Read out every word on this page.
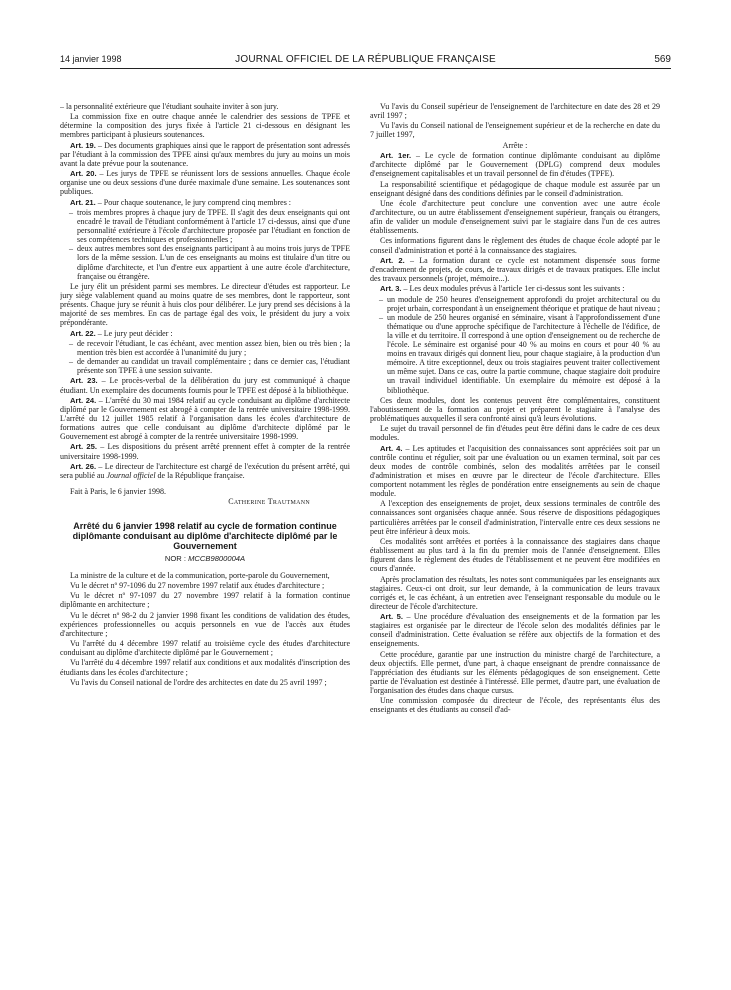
14 janvier 1998	JOURNAL OFFICIEL DE LA RÉPUBLIQUE FRANÇAISE	569

– la personnalité extérieure que l'étudiant souhaite inviter à son jury.

La commission fixe en outre chaque année le calendrier des sessions de TPFE et détermine la composition des jurys fixée à l'article 21 ci-dessous en désignant les membres participant à plusieurs soutenances.

Art. 19. – Des documents graphiques ainsi que le rapport de présentation sont adressés par l'étudiant à la commission des TPFE ainsi qu'aux membres du jury au moins un mois avant la date prévue pour la soutenance.

Art. 20. – Les jurys de TPFE se réunissent lors de sessions annuelles. Chaque école organise une ou deux sessions d'une durée maximale d'une semaine. Les soutenances sont publiques.

Art. 21. – Pour chaque soutenance, le jury comprend cinq membres :

– trois membres propres à chaque jury de TPFE. Il s'agit des deux enseignants qui ont encadré le travail de l'étudiant conformément à l'article 17 ci-dessus, ainsi que d'une personnalité extérieure à l'école d'architecture proposée par l'étudiant en fonction de ses compétences techniques et professionnelles ;
– deux autres membres sont des enseignants participant à au moins trois jurys de TPFE lors de la même session. L'un de ces enseignants au moins est titulaire d'un titre ou diplôme d'architecte, et l'un d'entre eux appartient à une autre école d'architecture, française ou étrangère.

Le jury élit un président parmi ses membres. Le directeur d'études est rapporteur. Le jury siège valablement quand au moins quatre de ses membres, dont le rapporteur, sont présents. Chaque jury se réunit à huis clos pour délibérer. Le jury prend ses décisions à la majorité de ses membres. En cas de partage égal des voix, le président du jury a voix prépondérante.

Art. 22. – Le jury peut décider :

– de recevoir l'étudiant, le cas échéant, avec mention assez bien, bien ou très bien ; la mention très bien est accordée à l'unanimité du jury ;
– de demander au candidat un travail complémentaire ; dans ce dernier cas, l'étudiant présente son TPFE à une session suivante.

Art. 23. – Le procès-verbal de la délibération du jury est communiqué à chaque étudiant. Un exemplaire des documents fournis pour le TPFE est déposé à la bibliothèque.

Art. 24. – L'arrêté du 30 mai 1984 relatif au cycle conduisant au diplôme d'architecte diplômé par le Gouvernement est abrogé à compter de la rentrée universitaire 1998-1999. L'arrêté du 12 juillet 1985 relatif à l'organisation dans les écoles d'architecture de formations autres que celle conduisant au diplôme d'architecte diplômé par le Gouvernement est abrogé à compter de la rentrée universitaire 1998-1999.

Art. 25. – Les dispositions du présent arrêté prennent effet à compter de la rentrée universitaire 1998-1999.

Art. 26. – Le directeur de l'architecture est chargé de l'exécution du présent arrêté, qui sera publié au Journal officiel de la République française.

Fait à Paris, le 6 janvier 1998.

Catherine Trautmann

Arrêté du 6 janvier 1998 relatif au cycle de formation continue diplômante conduisant au diplôme d'architecte diplômé par le Gouvernement
NOR : MCCB9800004A

La ministre de la culture et de la communication, porte-parole du Gouvernement,

Vu le décret nº 97-1096 du 27 novembre 1997 relatif aux études d'architecture ;

Vu le décret nº 97-1097 du 27 novembre 1997 relatif à la formation continue diplômante en architecture ;

Vu le décret nº 98-2 du 2 janvier 1998 fixant les conditions de validation des études, expériences professionnelles ou acquis personnels en vue de l'accès aux études d'architecture ;

Vu l'arrêté du 4 décembre 1997 relatif au troisième cycle des études d'architecture conduisant au diplôme d'architecte diplômé par le Gouvernement ;

Vu l'arrêté du 4 décembre 1997 relatif aux conditions et aux modalités d'inscription des étudiants dans les écoles d'architecture ;

Vu l'avis du Conseil national de l'ordre des architectes en date du 25 avril 1997 ;

Vu l'avis du Conseil supérieur de l'enseignement de l'architecture en date des 28 et 29 avril 1997 ;

Vu l'avis du Conseil national de l'enseignement supérieur et de la recherche en date du 7 juillet 1997,

Arrête :

Art. 1er. – Le cycle de formation continue diplômante conduisant au diplôme d'architecte diplômé par le Gouvernement (DPLG) comprend deux modules d'enseignement capitalisables et un travail personnel de fin d'études (TPFE).

La responsabilité scientifique et pédagogique de chaque module est assurée par un enseignant désigné dans des conditions définies par le conseil d'administration.

Une école d'architecture peut conclure une convention avec une autre école d'architecture, ou un autre établissement d'enseignement supérieur, français ou étrangers, afin de valider un module d'enseignement suivi par le stagiaire dans l'un de ces autres établissements.

Ces informations figurent dans le règlement des études de chaque école adopté par le conseil d'administration et porté à la connaissance des stagiaires.

Art. 2. – La formation durant ce cycle est notamment dispensée sous forme d'encadrement de projets, de cours, de travaux dirigés et de travaux pratiques. Elle inclut des travaux personnels (projet, mémoire...).

Art. 3. – Les deux modules prévus à l'article 1er ci-dessus sont les suivants :

– un module de 250 heures d'enseignement approfondi du projet architectural ou du projet urbain, correspondant à un enseignement théorique et pratique de haut niveau ;
– un module de 250 heures organisé en séminaire, visant à l'approfondissement d'une thématique ou d'une approche spécifique de l'architecture à l'échelle de l'édifice, de la ville et du territoire. Il correspond à une option d'enseignement ou de recherche de l'école. Le séminaire est organisé pour 40 % au moins en cours et pour 40 % au moins en travaux dirigés qui donnent lieu, pour chaque stagiaire, à la production d'un mémoire. A titre exceptionnel, deux ou trois stagiaires peuvent traiter collectivement un même sujet. Dans ce cas, outre la partie commune, chaque stagiaire doit produire un travail individuel identifiable. Un exemplaire du mémoire est déposé à la bibliothèque.

Ces deux modules, dont les contenus peuvent être complémentaires, constituent l'aboutissement de la formation au projet et préparent le stagiaire à l'analyse des problématiques auxquelles il sera confronté ainsi qu'à leurs évolutions.

Le sujet du travail personnel de fin d'études peut être défini dans le cadre de ces deux modules.

Art. 4. – Les aptitudes et l'acquisition des connaissances sont appréciées soit par un contrôle continu et régulier, soit par une évaluation ou un examen terminal, soit par ces deux modes de contrôle combinés, selon des modalités arrêtées par le conseil d'administration et mises en œuvre par le directeur de l'école d'architecture. Elles comportent notamment les règles de pondération entre enseignements au sein de chaque module.

A l'exception des enseignements de projet, deux sessions terminales de contrôle des connaissances sont organisées chaque année. Sous réserve de dispositions pédagogiques particulières arrêtées par le conseil d'administration, l'intervalle entre ces deux sessions ne peut être inférieur à deux mois.

Ces modalités sont arrêtées et portées à la connaissance des stagiaires dans chaque établissement au plus tard à la fin du premier mois de l'année d'enseignement. Elles figurent dans le règlement des études de l'établissement et ne peuvent être modifiées en cours d'année.

Après proclamation des résultats, les notes sont communiquées par les enseignants aux stagiaires. Ceux-ci ont droit, sur leur demande, à la communication de leurs travaux corrigés et, le cas échéant, à un entretien avec l'enseignant responsable du module ou le directeur de l'école d'architecture.

Art. 5. – Une procédure d'évaluation des enseignements et de la formation par les stagiaires est organisée par le directeur de l'école selon des modalités définies par le conseil d'administration. Cette évaluation se réfère aux objectifs de la formation et des enseignements.

Cette procédure, garantie par une instruction du ministre chargé de l'architecture, a deux objectifs. Elle permet, d'une part, à chaque enseignant de prendre connaissance de l'appréciation des étudiants sur les éléments pédagogiques de son enseignement. Cette partie de l'évaluation est destinée à l'intéressé. Elle permet, d'autre part, une évaluation de l'organisation des études dans chaque cursus.

Une commission composée du directeur de l'école, des représentants élus des enseignants et des étudiants au conseil d'ad-
